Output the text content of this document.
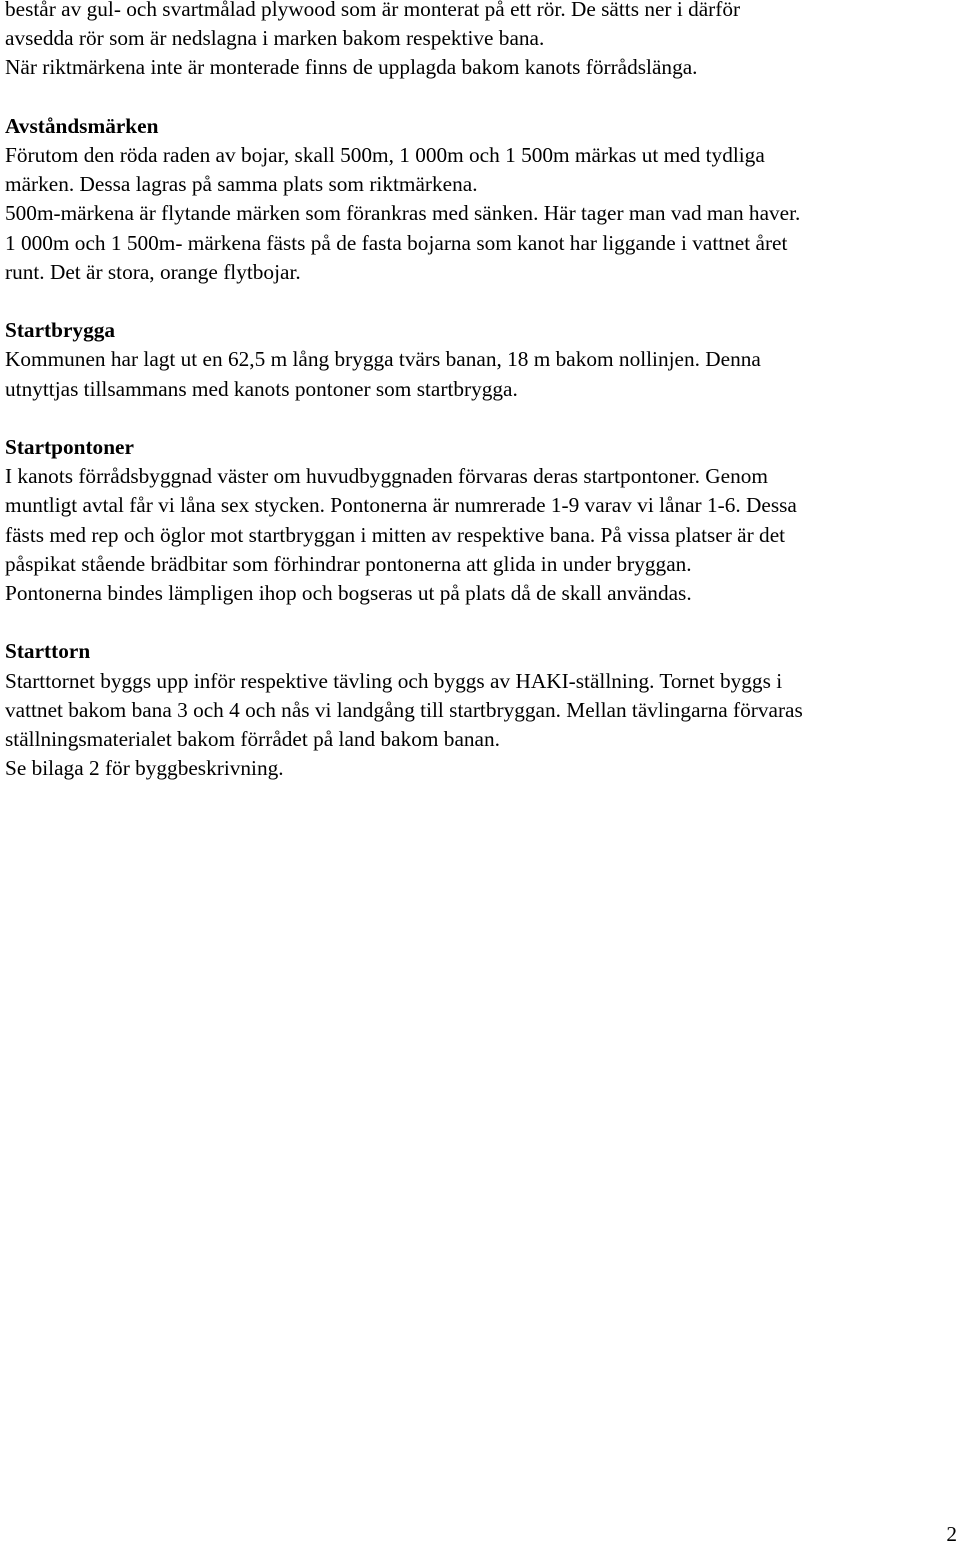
består av gul- och svartmålad plywood som är monterat på ett rör. De sätts ner i därför
avsedda rör som är nedslagna i marken bakom respektive bana.
När riktmärkena inte är monterade finns de upplagda bakom kanots förrådslänga.
Avståndsmärken
Förutom den röda raden av bojar, skall 500m, 1 000m och 1 500m märkas ut med tydliga
märken. Dessa lagras på samma plats som riktmärkena.
500m-märkena är flytande märken som förankras med sänken. Här tager man vad man haver.
1 000m och 1 500m- märkena fästs på de fasta bojarna som kanot har liggande i vattnet året
runt. Det är stora, orange flytbojar.
Startbrygga
Kommunen har lagt ut en 62,5 m lång brygga tvärs banan, 18 m bakom nollinjen. Denna
utnyttjas tillsammans med kanots pontoner som startbrygga.
Startpontoner
I kanots förrådsbyggnad väster om huvudbyggnaden förvaras deras startpontoner. Genom
muntligt avtal får vi låna sex stycken. Pontonerna är numrerade 1-9 varav vi lånar 1-6. Dessa
fästs med rep och öglor mot startbryggan i mitten av respektive bana. På vissa platser är det
påspikat stående brädbitar som förhindrar pontonerna att glida in under bryggan.
Pontonerna bindes lämpligen ihop och bogseras ut på plats då de skall användas.
Starttorn
Starttornet byggs upp inför respektive tävling och byggs av HAKI-ställning. Tornet byggs i
vattnet bakom bana 3 och 4 och nås vi landgång till startbryggan. Mellan tävlingarna förvaras
ställningsmaterialet bakom förrådet på land bakom banan.
Se bilaga 2 för byggbeskrivning.
2
